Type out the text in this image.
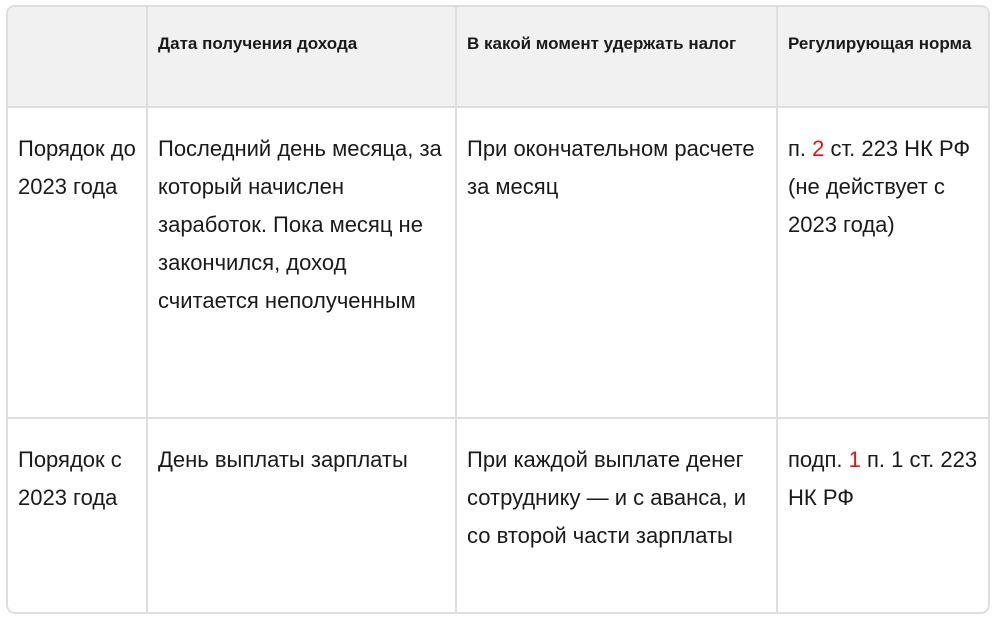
	Дата получения дохода	В какой момент удержать налог	Регулирующая норма
Порядок до 2023 года	Последний день месяца, за который начислен заработок. Пока месяц не закончился, доход считается неполученным	При окончательном расчете за месяц	п. 2 ст. 223 НК РФ (не действует с 2023 года)
Порядок с 2023 года	День выплаты зарплаты	При каждой выплате денег сотруднику — и с аванса, и со второй части зарплаты	подп. 1 п. 1 ст. 223 НК РФ
